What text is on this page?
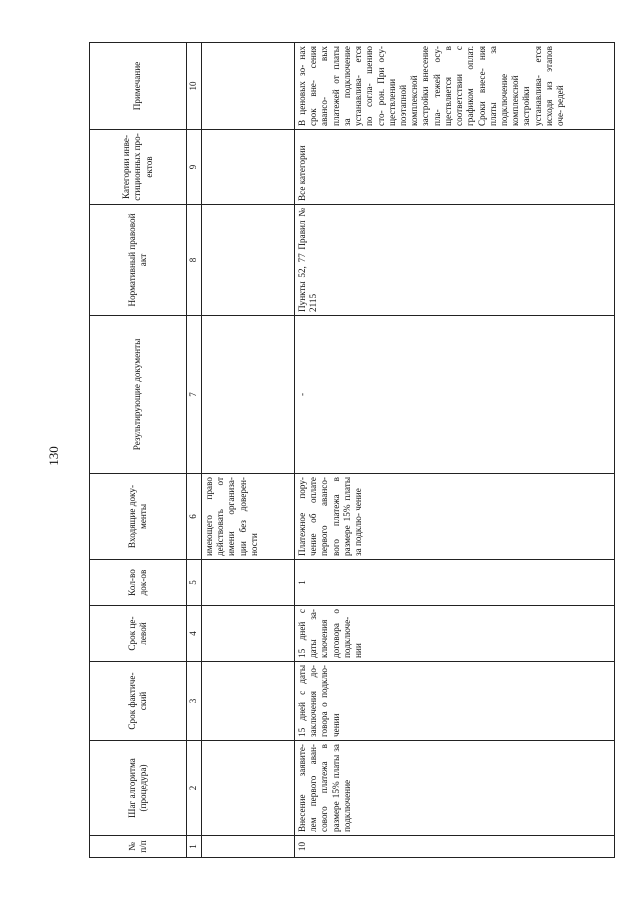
130
№ п/п	Шаг алгоритма (процедура)	Срок фактиче- ский	Срок це- левой	Кол-во док-ов	Входящие доку- менты	Результирующие документы	Нормативный правовой акт	Категории инве- стиционных про- ектов	Примечание
1	2	3	4	5	6	7	8	9	10
					имеющего право действовать от имени организа- ции без доверен- ности				
10	Внесение заявите- лем первого аван- сового платежа в размере 15% платы за подключение	15 дней с даты заключения до- говора о подклю- чении	15 дней с даты за- ключения договора о подключе- нии	1	Платежное пору- чение об оплате первого авансо- вого платежа в размере 15% платы за подклю- чение	-	Пункты 52, 77 Правил № 2115	Все категории	В ценовых зо- нах срок вне- сения авансо- вых платежей от платы за подключение устанавлива- ется по согла- шению сто- рон. При осу- ществлении поэтапной комплексной застройки внесение пла- тежей осу- ществляется в соответствии с графиком оплат. Сроки внесе- ния платы за подключение комплексной застройки устанавлива- ется исходя из этапов оче- редей
